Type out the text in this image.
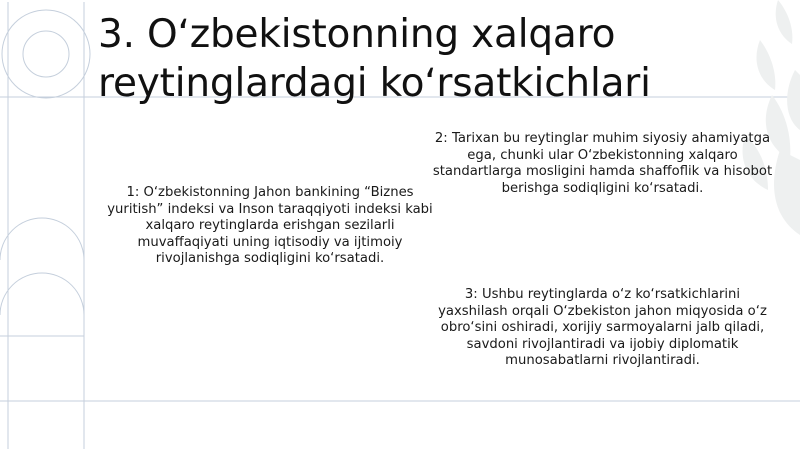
3. O‘zbekistonning xalqaro reytinglardagi ko‘rsatkichlari

1: O‘zbekistonning Jahon bankining “Biznes yuritish” indeksi va Inson taraqqiyoti indeksi kabi xalqaro reytinglarda erishgan sezilarli muvaffaqiyati uning iqtisodiy va ijtimoiy rivojlanishga sodiqligini ko‘rsatadi.

2: Tarixan bu reytinglar muhim siyosiy ahamiyatga ega, chunki ular O‘zbekistonning xalqaro standartlarga mosligini hamda shaffoflik va hisobot berishga sodiqligini ko‘rsatadi.

3: Ushbu reytinglarda o‘z ko‘rsatkichlarini yaxshilash orqali O‘zbekiston jahon miqyosida o‘z obro‘sini oshiradi, xorijiy sarmoyalarni jalb qiladi, savdoni rivojlantiradi va ijobiy diplomatik munosabatlarni rivojlantiradi.
